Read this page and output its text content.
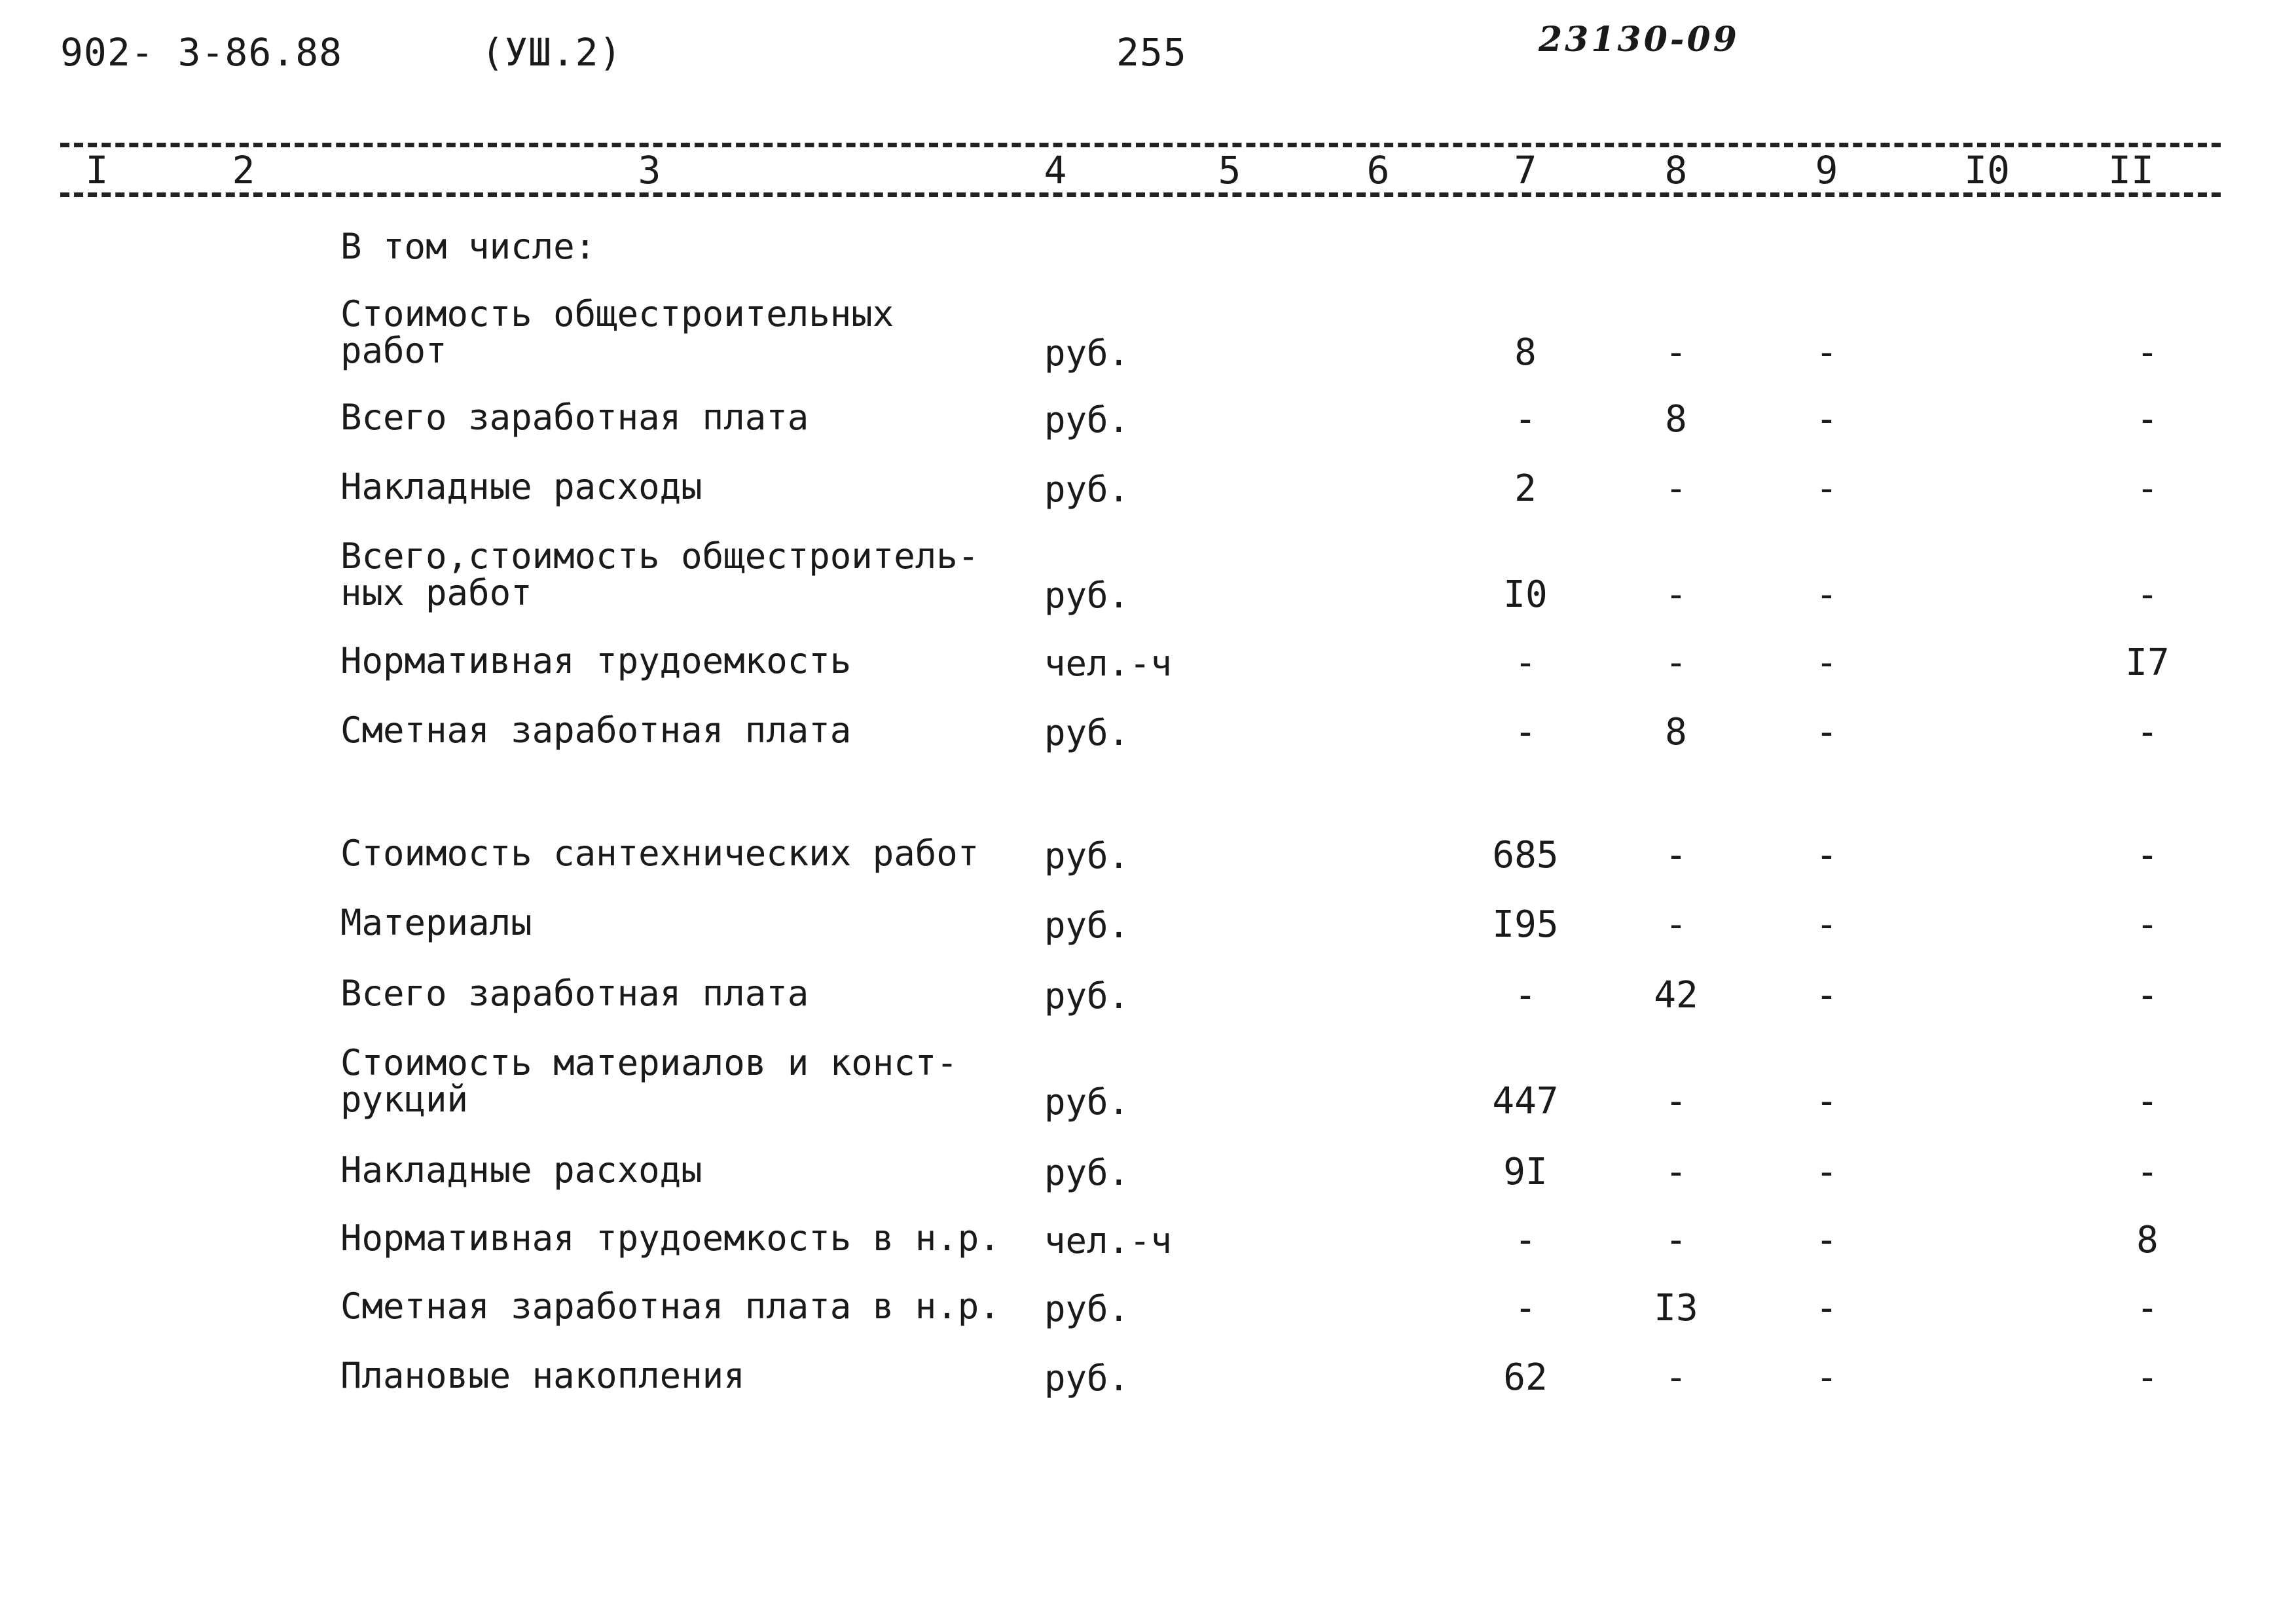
902- 3-86.88	(УШ.2)	255	23130-09
I	2	3	4	5	6	7	8	9	I0	II
В том числе:
Стоимость общестроительных
работ	руб.	8	-	-	-
Всего заработная плата	руб.	-	8	-	-
Накладные расходы	руб.	2	-	-	-
Всего,стоимость общестроитель-
ных работ	руб.	I0	-	-	-
Нормативная трудоемкость	чел.-ч	-	-	-	I7
Сметная заработная плата	руб.	-	8	-	-
Стоимость сантехнических работ руб.	685	-	-	-
Материалы	руб.	I95	-	-	-
Всего заработная плата	руб.	-	42	-	-
Стоимость материалов и конст-
рукций	руб.	447	-	-	-
Накладные расходы	руб.	9I	-	-	-
Нормативная трудоемкость в н.р. чел.-ч	-	-	-	8
Сметная заработная плата в н.р. руб.	-	I3	-	-
Плановые накопления	руб.	62	-	-	-
